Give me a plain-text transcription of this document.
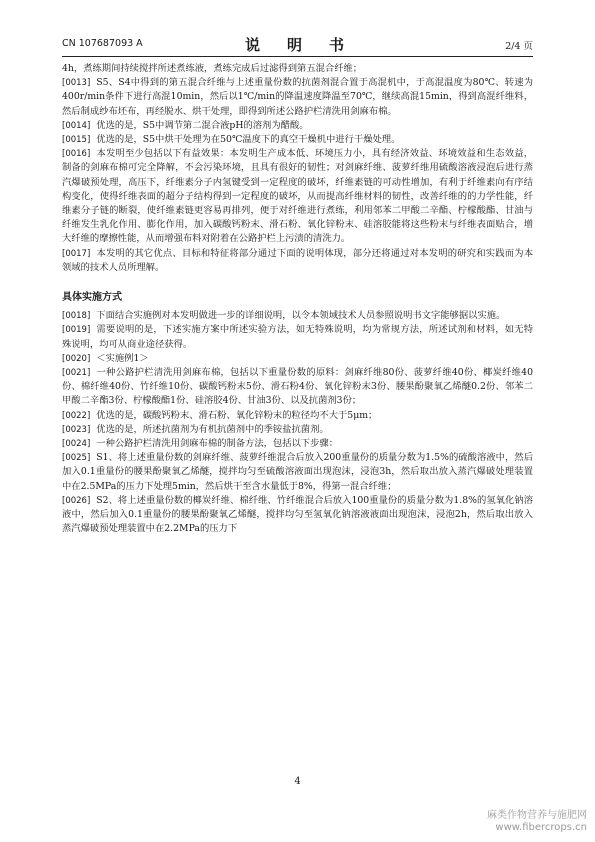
CN 107687093 A	说　明　书	2/4 页

4h，煮练期间持续搅拌所述煮练液，煮练完成后过滤得到第五混合纤维；

[0013] S5、S4中得到的第五混合纤维与上述重量份数的抗菌剂混合置于高混机中，于高混温度为80℃、转速为400r/min条件下进行高混10min，然后以1℃/min的降温速度降温至70℃，继续高混15min，得到高混纤维料，然后制成纱布坯布，再经脱水、烘干处理，即得到所述公路护栏清洗用剑麻布棉。

[0014] 优选的是，S5中调节第二混合液pH的溶剂为醋酸。

[0015] 优选的是，S5中烘干处理为在50℃温度下的真空干燥机中进行干燥处理。

[0016] 本发明至少包括以下有益效果：本发明生产成本低、环境压力小，具有经济效益、环境效益和生态效益，制备的剑麻布棉可完全降解，不会污染环境，且具有很好的韧性；对剑麻纤维、菠萝纤维用硫酸溶液浸泡后进行蒸汽爆破预处理，高压下，纤维素分子内氢键受到一定程度的破坏，纤维素链的可动性增加，有利于纤维素向有序结构变化，使得纤维表面的超分子结构得到一定程度的破坏，从而提高纤维材料的韧性，改善纤维的的力学性能，纤维素分子链的断裂，使纤维素链更容易再排列，便于对纤维进行煮练，利用邻苯二甲酸二辛酯、柠檬酸酯、甘油与纤维发生乳化作用、膨化作用，加入碳酸钙粉末、滑石粉、氧化锌粉末、硅溶胶能将这些粉末与纤维表面贴合，增大纤维的摩擦性能，从而增强布料对附着在公路护栏上污渍的清洗力。

[0017] 本发明的其它优点、目标和特征将部分通过下面的说明体现，部分还将通过对本发明的研究和实践而为本领域的技术人员所理解。

具体实施方式

[0018] 下面结合实施例对本发明做进一步的详细说明，以令本领域技术人员参照说明书文字能够据以实施。

[0019] 需要说明的是，下述实施方案中所述实验方法，如无特殊说明，均为常规方法，所述试剂和材料，如无特殊说明，均可从商业途径获得。

[0020] ＜实施例1＞

[0021] 一种公路护栏清洗用剑麻布棉，包括以下重量份数的原料：剑麻纤维80份、菠萝纤维40份、椰炭纤维40份、棉纤维40份、竹纤维10份、碳酸钙粉末5份、滑石粉4份、氧化锌粉末3份、腰果酚聚氧乙烯醚0.2份、邻苯二甲酸二辛酯3份、柠檬酸酯1份、硅溶胶4份、甘油3份、以及抗菌剂3份；

[0022] 优选的是，碳酸钙粉末、滑石粉、氧化锌粉末的粒径均不大于5μm；

[0023] 优选的是，所述抗菌剂为有机抗菌剂中的季铵盐抗菌剂。

[0024] 一种公路护栏清洗用剑麻布棉的制备方法，包括以下步骤：

[0025] S1、将上述重量份数的剑麻纤维、菠萝纤维混合后放入200重量份的质量分数为1.5%的硫酸溶液中，然后加入0.1重量份的腰果酚聚氧乙烯醚，搅拌均匀至硫酸溶液面出现泡沫，浸泡3h，然后取出放入蒸汽爆破处理装置中在2.5MPa的压力下处理5min，然后烘干至含水量低于8%，得第一混合纤维；

[0026] S2、将上述重量份数的椰炭纤维、棉纤维、竹纤维混合后放入100重量份的质量分数为1.8%的氢氧化钠溶液中，然后加入0.1重量份的腰果酚聚氧乙烯醚，搅拌均匀至氢氧化钠溶液液面出现泡沫，浸泡2h，然后取出放入蒸汽爆破预处理装置中在2.2MPa的压力下

4
麻类作物营养与施肥网
www.fibercrops.cn
